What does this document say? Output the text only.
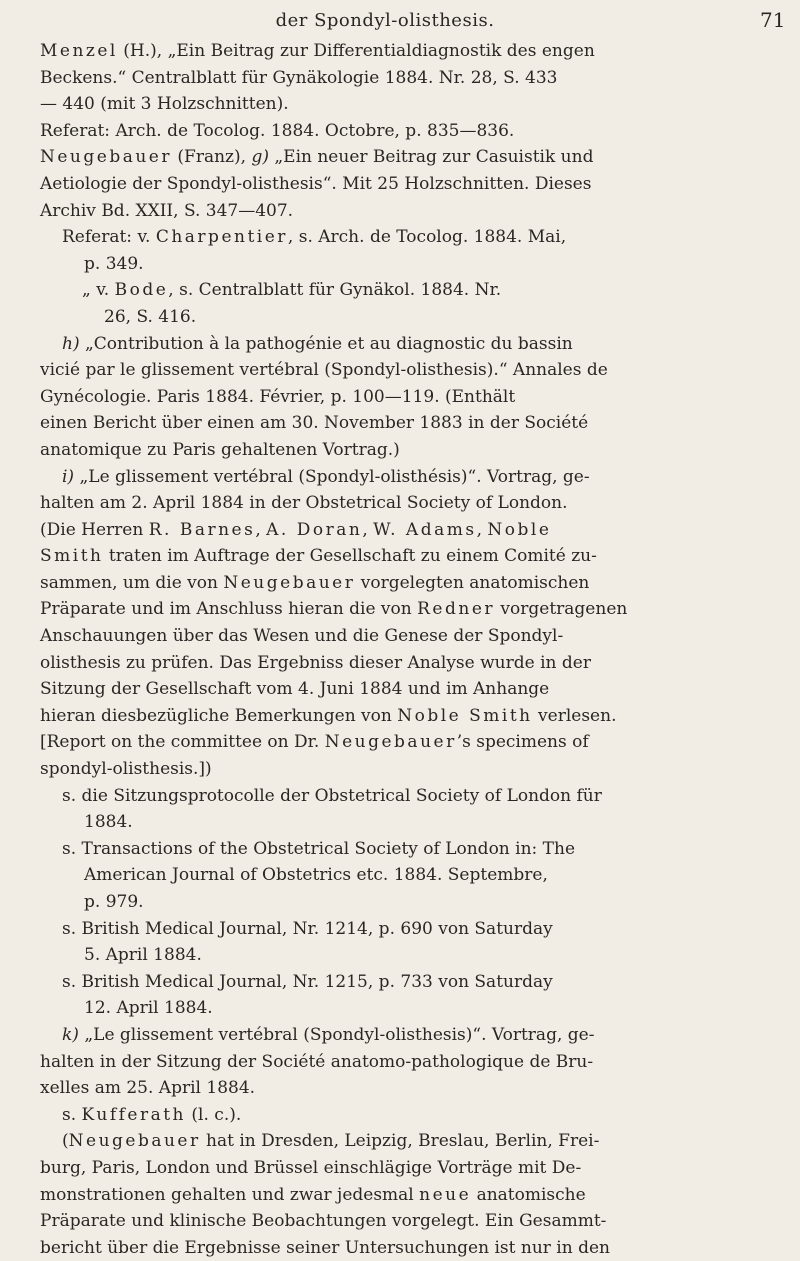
der Spondyl-olisthesis.	71

Menzel (H.), „Ein Beitrag zur Differentialdiagnostik des engen

Beckens.“ Centralblatt für Gynäkologie 1884. Nr. 28, S. 433

— 440 (mit 3 Holzschnitten).

Referat: Arch. de Tocolog. 1884. Octobre, p. 835—836.

Neugebauer (Franz), g) „Ein neuer Beitrag zur Casuistik und

Aetiologie der Spondyl-olisthesis“. Mit 25 Holzschnitten. Dieses

Archiv Bd. XXII, S. 347—407.

Referat: v. Charpentier, s. Arch. de Tocolog. 1884. Mai,

p. 349.

„ v. Bode, s. Centralblatt für Gynäkol. 1884. Nr.

26, S. 416.

h) „Contribution à la pathogénie et au diagnostic du bassin

vicié par le glissement vertébral (Spondyl-olisthesis).“ Annales de

Gynécologie. Paris 1884. Février, p. 100—119. (Enthält

einen Bericht über einen am 30. November 1883 in der Société

anatomique zu Paris gehaltenen Vortrag.)

i) „Le glissement vertébral (Spondyl-olisthésis)“. Vortrag, ge-

halten am 2. April 1884 in der Obstetrical Society of London.

(Die Herren R. Barnes, A. Doran, W. Adams, Noble

Smith traten im Auftrage der Gesellschaft zu einem Comité zu-

sammen, um die von Neugebauer vorgelegten anatomischen

Präparate und im Anschluss hieran die von Redner vorgetragenen

Anschauungen über das Wesen und die Genese der Spondyl-

olisthesis zu prüfen. Das Ergebniss dieser Analyse wurde in der

Sitzung der Gesellschaft vom 4. Juni 1884 und im Anhange

hieran diesbezügliche Bemerkungen von Noble Smith verlesen.

[Report on the committee on Dr. Neugebauer’s specimens of

spondyl-olisthesis.])

s. die Sitzungsprotocolle der Obstetrical Society of London für

1884.

s. Transactions of the Obstetrical Society of London in: The

American Journal of Obstetrics etc. 1884. Septembre,

p. 979.

s. British Medical Journal, Nr. 1214, p. 690 von Saturday

5. April 1884.

s. British Medical Journal, Nr. 1215, p. 733 von Saturday

12. April 1884.

k) „Le glissement vertébral (Spondyl-olisthesis)“. Vortrag, ge-

halten in der Sitzung der Société anatomo-pathologique de Bru-

xelles am 25. April 1884.

s. Kufferath (l. c.).

(Neugebauer hat in Dresden, Leipzig, Breslau, Berlin, Frei-

burg, Paris, London und Brüssel einschlägige Vorträge mit De-

monstrationen gehalten und zwar jedesmal neue anatomische

Präparate und klinische Beobachtungen vorgelegt. Ein Gesammt-

bericht über die Ergebnisse seiner Untersuchungen ist nur in den
